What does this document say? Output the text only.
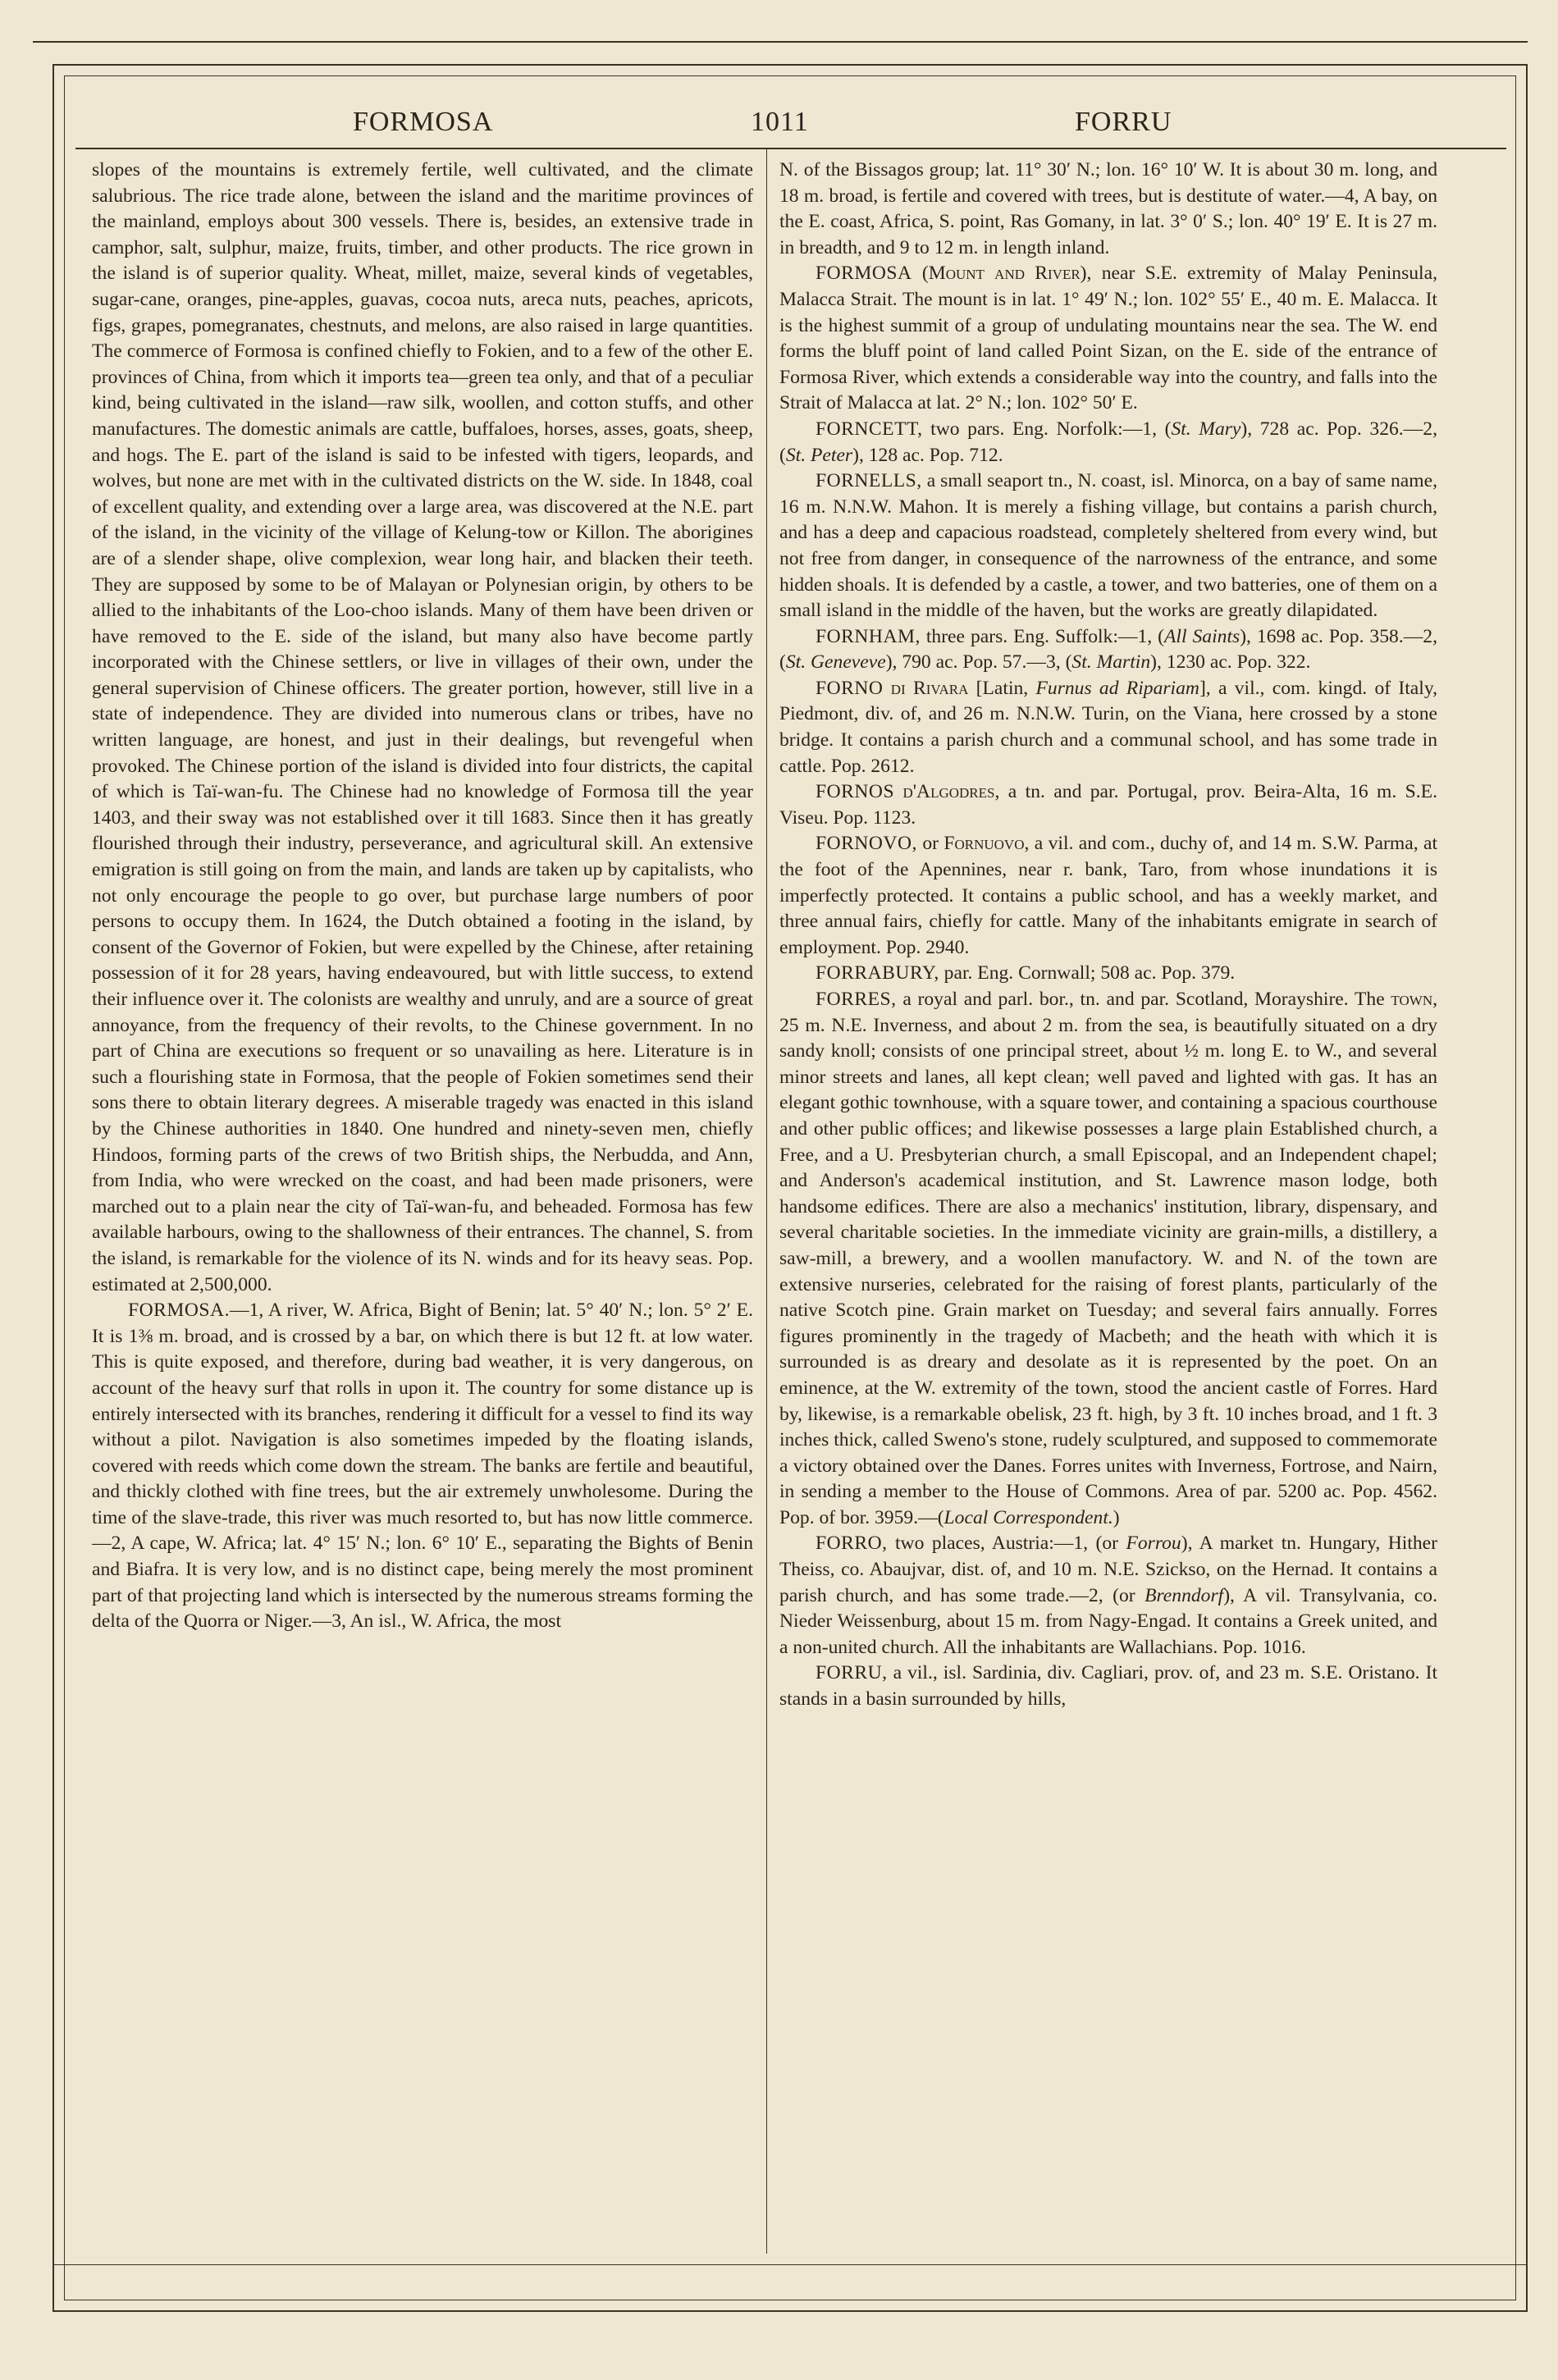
FORMOSA	1011	FORRU

slopes of the mountains is extremely fertile, well cultivated, and the climate salubrious. The rice trade alone, between the island and the maritime provinces of the mainland, employs about 300 vessels. There is, besides, an extensive trade in camphor, salt, sulphur, maize, fruits, timber, and other products. The rice grown in the island is of superior quality. Wheat, millet, maize, several kinds of vegetables, sugar-cane, oranges, pine-apples, guavas, cocoa nuts, areca nuts, peaches, apricots, figs, grapes, pomegranates, chestnuts, and melons, are also raised in large quantities. The commerce of Formosa is confined chiefly to Fokien, and to a few of the other E. provinces of China, from which it imports tea—green tea only, and that of a peculiar kind, being cultivated in the island—raw silk, woollen, and cotton stuffs, and other manufactures. The domestic animals are cattle, buffaloes, horses, asses, goats, sheep, and hogs. The E. part of the island is said to be infested with tigers, leopards, and wolves, but none are met with in the cultivated districts on the W. side. In 1848, coal of excellent quality, and extending over a large area, was discovered at the N.E. part of the island, in the vicinity of the village of Kelung-tow or Killon. The aborigines are of a slender shape, olive complexion, wear long hair, and blacken their teeth. They are supposed by some to be of Malayan or Polynesian origin, by others to be allied to the inhabitants of the Loo-choo islands. Many of them have been driven or have removed to the E. side of the island, but many also have become partly incorporated with the Chinese settlers, or live in villages of their own, under the general supervision of Chinese officers. The greater portion, however, still live in a state of independence. They are divided into numerous clans or tribes, have no written language, are honest, and just in their dealings, but revengeful when provoked. The Chinese portion of the island is divided into four districts, the capital of which is Taï-wan-fu. The Chinese had no knowledge of Formosa till the year 1403, and their sway was not established over it till 1683. Since then it has greatly flourished through their industry, perseverance, and agricultural skill. An extensive emigration is still going on from the main, and lands are taken up by capitalists, who not only encourage the people to go over, but purchase large numbers of poor persons to occupy them. In 1624, the Dutch obtained a footing in the island, by consent of the Governor of Fokien, but were expelled by the Chinese, after retaining possession of it for 28 years, having endeavoured, but with little success, to extend their influence over it. The colonists are wealthy and unruly, and are a source of great annoyance, from the frequency of their revolts, to the Chinese government. In no part of China are executions so frequent or so unavailing as here. Literature is in such a flourishing state in Formosa, that the people of Fokien sometimes send their sons there to obtain literary degrees. A miserable tragedy was enacted in this island by the Chinese authorities in 1840. One hundred and ninety-seven men, chiefly Hindoos, forming parts of the crews of two British ships, the Nerbudda, and Ann, from India, who were wrecked on the coast, and had been made prisoners, were marched out to a plain near the city of Taï-wan-fu, and beheaded. Formosa has few available harbours, owing to the shallowness of their entrances. The channel, S. from the island, is remarkable for the violence of its N. winds and for its heavy seas. Pop. estimated at 2,500,000.

FORMOSA.—1, A river, W. Africa, Bight of Benin; lat. 5° 40′ N.; lon. 5° 2′ E. It is 1⅜ m. broad, and is crossed by a bar, on which there is but 12 ft. at low water. This is quite exposed, and therefore, during bad weather, it is very dangerous, on account of the heavy surf that rolls in upon it. The country for some distance up is entirely intersected with its branches, rendering it difficult for a vessel to find its way without a pilot. Navigation is also sometimes impeded by the floating islands, covered with reeds which come down the stream. The banks are fertile and beautiful, and thickly clothed with fine trees, but the air extremely unwholesome. During the time of the slave-trade, this river was much resorted to, but has now little commerce.—2, A cape, W. Africa; lat. 4° 15′ N.; lon. 6° 10′ E., separating the Bights of Benin and Biafra. It is very low, and is no distinct cape, being merely the most prominent part of that projecting land which is intersected by the numerous streams forming the delta of the Quorra or Niger.—3, An isl., W. Africa, the most

N. of the Bissagos group; lat. 11° 30′ N.; lon. 16° 10′ W. It is about 30 m. long, and 18 m. broad, is fertile and covered with trees, but is destitute of water.—4, A bay, on the E. coast, Africa, S. point, Ras Gomany, in lat. 3° 0′ S.; lon. 40° 19′ E. It is 27 m. in breadth, and 9 to 12 m. in length inland.

FORMOSA (Mount and River), near S.E. extremity of Malay Peninsula, Malacca Strait. The mount is in lat. 1° 49′ N.; lon. 102° 55′ E., 40 m. E. Malacca. It is the highest summit of a group of undulating mountains near the sea. The W. end forms the bluff point of land called Point Sizan, on the E. side of the entrance of Formosa River, which extends a considerable way into the country, and falls into the Strait of Malacca at lat. 2° N.; lon. 102° 50′ E.

FORNCETT, two pars. Eng. Norfolk:—1, (St. Mary), 728 ac. Pop. 326.—2, (St. Peter), 128 ac. Pop. 712.

FORNELLS, a small seaport tn., N. coast, isl. Minorca, on a bay of same name, 16 m. N.N.W. Mahon. It is merely a fishing village, but contains a parish church, and has a deep and capacious roadstead, completely sheltered from every wind, but not free from danger, in consequence of the narrowness of the entrance, and some hidden shoals. It is defended by a castle, a tower, and two batteries, one of them on a small island in the middle of the haven, but the works are greatly dilapidated.

FORNHAM, three pars. Eng. Suffolk:—1, (All Saints), 1698 ac. Pop. 358.—2, (St. Geneveve), 790 ac. Pop. 57.—3, (St. Martin), 1230 ac. Pop. 322.

FORNO di Rivara [Latin, Furnus ad Ripariam], a vil., com. kingd. of Italy, Piedmont, div. of, and 26 m. N.N.W. Turin, on the Viana, here crossed by a stone bridge. It contains a parish church and a communal school, and has some trade in cattle. Pop. 2612.

FORNOS d'Algodres, a tn. and par. Portugal, prov. Beira-Alta, 16 m. S.E. Viseu. Pop. 1123.

FORNOVO, or Fornuovo, a vil. and com., duchy of, and 14 m. S.W. Parma, at the foot of the Apennines, near r. bank, Taro, from whose inundations it is imperfectly protected. It contains a public school, and has a weekly market, and three annual fairs, chiefly for cattle. Many of the inhabitants emigrate in search of employment. Pop. 2940.

FORRABURY, par. Eng. Cornwall; 508 ac. Pop. 379.

FORRES, a royal and parl. bor., tn. and par. Scotland, Morayshire. The town, 25 m. N.E. Inverness, and about 2 m. from the sea, is beautifully situated on a dry sandy knoll; consists of one principal street, about ½ m. long E. to W., and several minor streets and lanes, all kept clean; well paved and lighted with gas. It has an elegant gothic townhouse, with a square tower, and containing a spacious courthouse and other public offices; and likewise possesses a large plain Established church, a Free, and a U. Presbyterian church, a small Episcopal, and an Independent chapel; and Anderson's academical institution, and St. Lawrence mason lodge, both handsome edifices. There are also a mechanics' institution, library, dispensary, and several charitable societies. In the immediate vicinity are grain-mills, a distillery, a saw-mill, a brewery, and a woollen manufactory. W. and N. of the town are extensive nurseries, celebrated for the raising of forest plants, particularly of the native Scotch pine. Grain market on Tuesday; and several fairs annually. Forres figures prominently in the tragedy of Macbeth; and the heath with which it is surrounded is as dreary and desolate as it is represented by the poet. On an eminence, at the W. extremity of the town, stood the ancient castle of Forres. Hard by, likewise, is a remarkable obelisk, 23 ft. high, by 3 ft. 10 inches broad, and 1 ft. 3 inches thick, called Sweno's stone, rudely sculptured, and supposed to commemorate a victory obtained over the Danes. Forres unites with Inverness, Fortrose, and Nairn, in sending a member to the House of Commons. Area of par. 5200 ac. Pop. 4562. Pop. of bor. 3959.—(Local Correspondent.)

FORRO, two places, Austria:—1, (or Forrou), A market tn. Hungary, Hither Theiss, co. Abaujvar, dist. of, and 10 m. N.E. Szickso, on the Hernad. It contains a parish church, and has some trade.—2, (or Brenndorf), A vil. Transylvania, co. Nieder Weissenburg, about 15 m. from Nagy-Engad. It contains a Greek united, and a non-united church. All the inhabitants are Wallachians. Pop. 1016.

FORRU, a vil., isl. Sardinia, div. Cagliari, prov. of, and 23 m. S.E. Oristano. It stands in a basin surrounded by hills,
